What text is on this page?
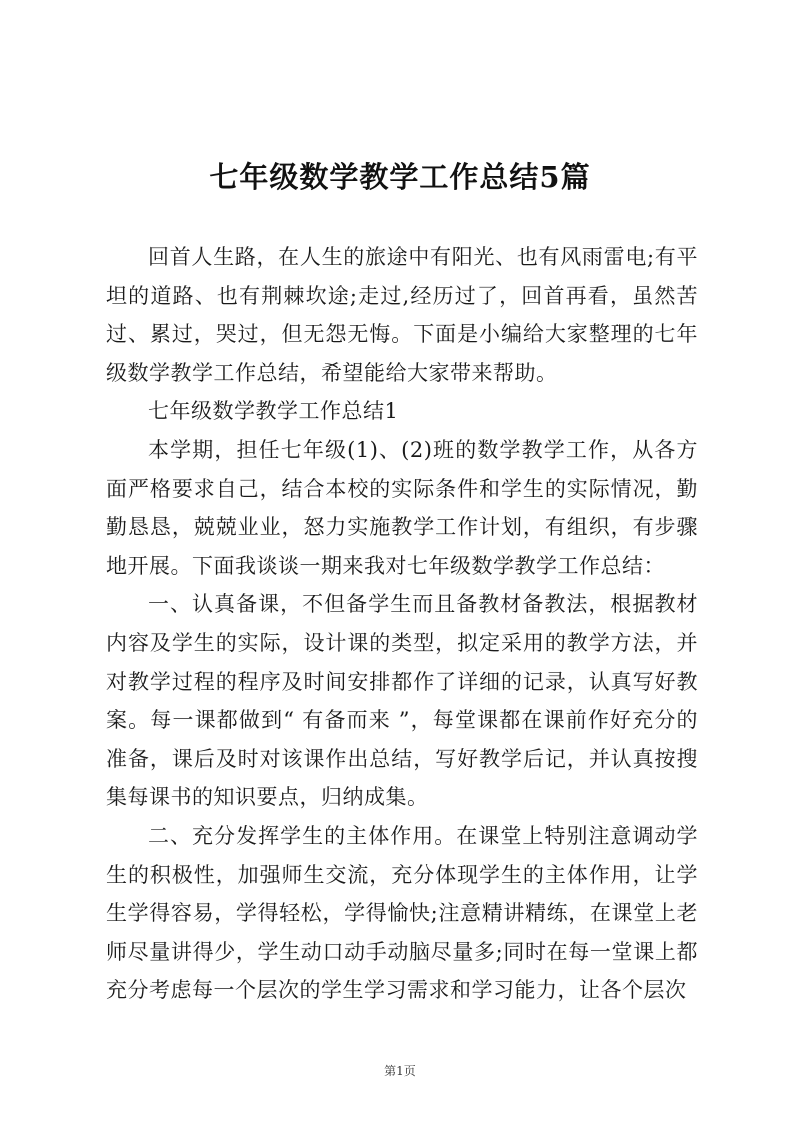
七年级数学教学工作总结5篇

回首人生路，在人生的旅途中有阳光、也有风雨雷电;有平坦的道路、也有荆棘坎途;走过,经历过了，回首再看，虽然苦过、累过，哭过，但无怨无悔。下面是小编给大家整理的七年级数学教学工作总结，希望能给大家带来帮助。

七年级数学教学工作总结1

本学期，担任七年级(1)、(2)班的数学教学工作，从各方面严格要求自己，结合本校的实际条件和学生的实际情况，勤勤恳恳，兢兢业业，怒力实施教学工作计划，有组织，有步骤地开展。下面我谈谈一期来我对七年级数学教学工作总结：

一、认真备课，不但备学生而且备教材备教法，根据教材内容及学生的实际，设计课的类型，拟定采用的教学方法，并对教学过程的程序及时间安排都作了详细的记录，认真写好教案。每一课都做到“ 有备而来 ”，每堂课都在课前作好充分的准备，课后及时对该课作出总结，写好教学后记，并认真按搜集每课书的知识要点，归纳成集。

二、充分发挥学生的主体作用。在课堂上特别注意调动学生的积极性，加强师生交流，充分体现学生的主体作用，让学生学得容易，学得轻松，学得愉快;注意精讲精练，在课堂上老师尽量讲得少，学生动口动手动脑尽量多;同时在每一堂课上都充分考虑每一个层次的学生学习需求和学习能力，让各个层次

第1页
